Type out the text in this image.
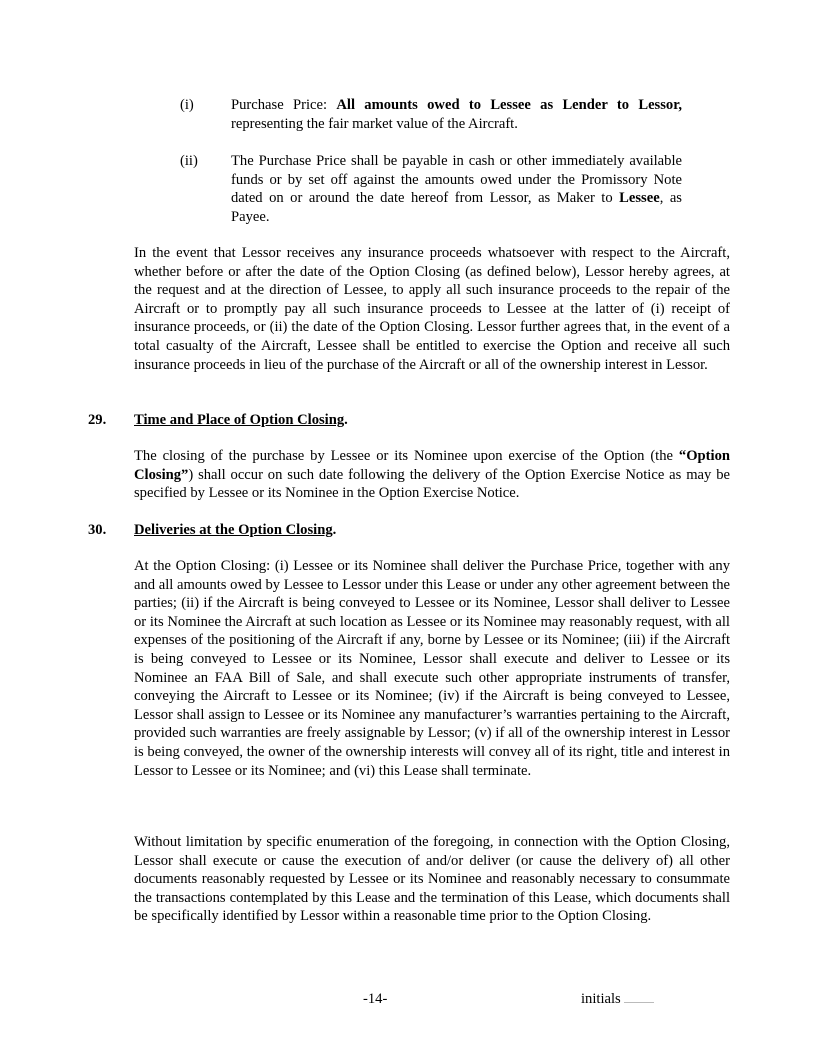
(i)	Purchase Price: All amounts owed to Lessee as Lender to Lessor, representing the fair market value of the Aircraft.
(ii) The Purchase Price shall be payable in cash or other immediately available funds or by set off against the amounts owed under the Promissory Note dated on or around the date hereof from Lessor, as Maker to Lessee, as Payee.

In the event that Lessor receives any insurance proceeds whatsoever with respect to the Aircraft, whether before or after the date of the Option Closing (as defined below), Lessor hereby agrees, at the request and at the direction of Lessee, to apply all such insurance proceeds to the repair of the Aircraft or to promptly pay all such insurance proceeds to Lessee at the latter of (i) receipt of insurance proceeds, or (ii) the date of the Option Closing. Lessor further agrees that, in the event of a total casualty of the Aircraft, Lessee shall be entitled to exercise the Option and receive all such insurance proceeds in lieu of the purchase of the Aircraft or all of the ownership interest in Lessor.

29. Time and Place of Option Closing.

The closing of the purchase by Lessee or its Nominee upon exercise of the Option (the “Option Closing”) shall occur on such date following the delivery of the Option Exercise Notice as may be specified by Lessee or its Nominee in the Option Exercise Notice.

30. Deliveries at the Option Closing.

At the Option Closing: (i) Lessee or its Nominee shall deliver the Purchase Price, together with any and all amounts owed by Lessee to Lessor under this Lease or under any other agreement between the parties; (ii) if the Aircraft is being conveyed to Lessee or its Nominee, Lessor shall deliver to Lessee or its Nominee the Aircraft at such location as Lessee or its Nominee may reasonably request, with all expenses of the positioning of the Aircraft if any, borne by Lessee or its Nominee; (iii) if the Aircraft is being conveyed to Lessee or its Nominee, Lessor shall execute and deliver to Lessee or its Nominee an FAA Bill of Sale, and shall execute such other appropriate instruments of transfer, conveying the Aircraft to Lessee or its Nominee; (iv) if the Aircraft is being conveyed to Lessee, Lessor shall assign to Lessee or its Nominee any manufacturer’s warranties pertaining to the Aircraft, provided such warranties are freely assignable by Lessor; (v) if all of the ownership interest in Lessor is being conveyed, the owner of the ownership interests will convey all of its right, title and interest in Lessor to Lessee or its Nominee; and (vi) this Lease shall terminate.

Without limitation by specific enumeration of the foregoing, in connection with the Option Closing, Lessor shall execute or cause the execution of and/or deliver (or cause the delivery of) all other documents reasonably requested by Lessee or its Nominee and reasonably necessary to consummate the transactions contemplated by this Lease and the termination of this Lease, which documents shall be specifically identified by Lessor within a reasonable time prior to the Option Closing.

-14-	initials
